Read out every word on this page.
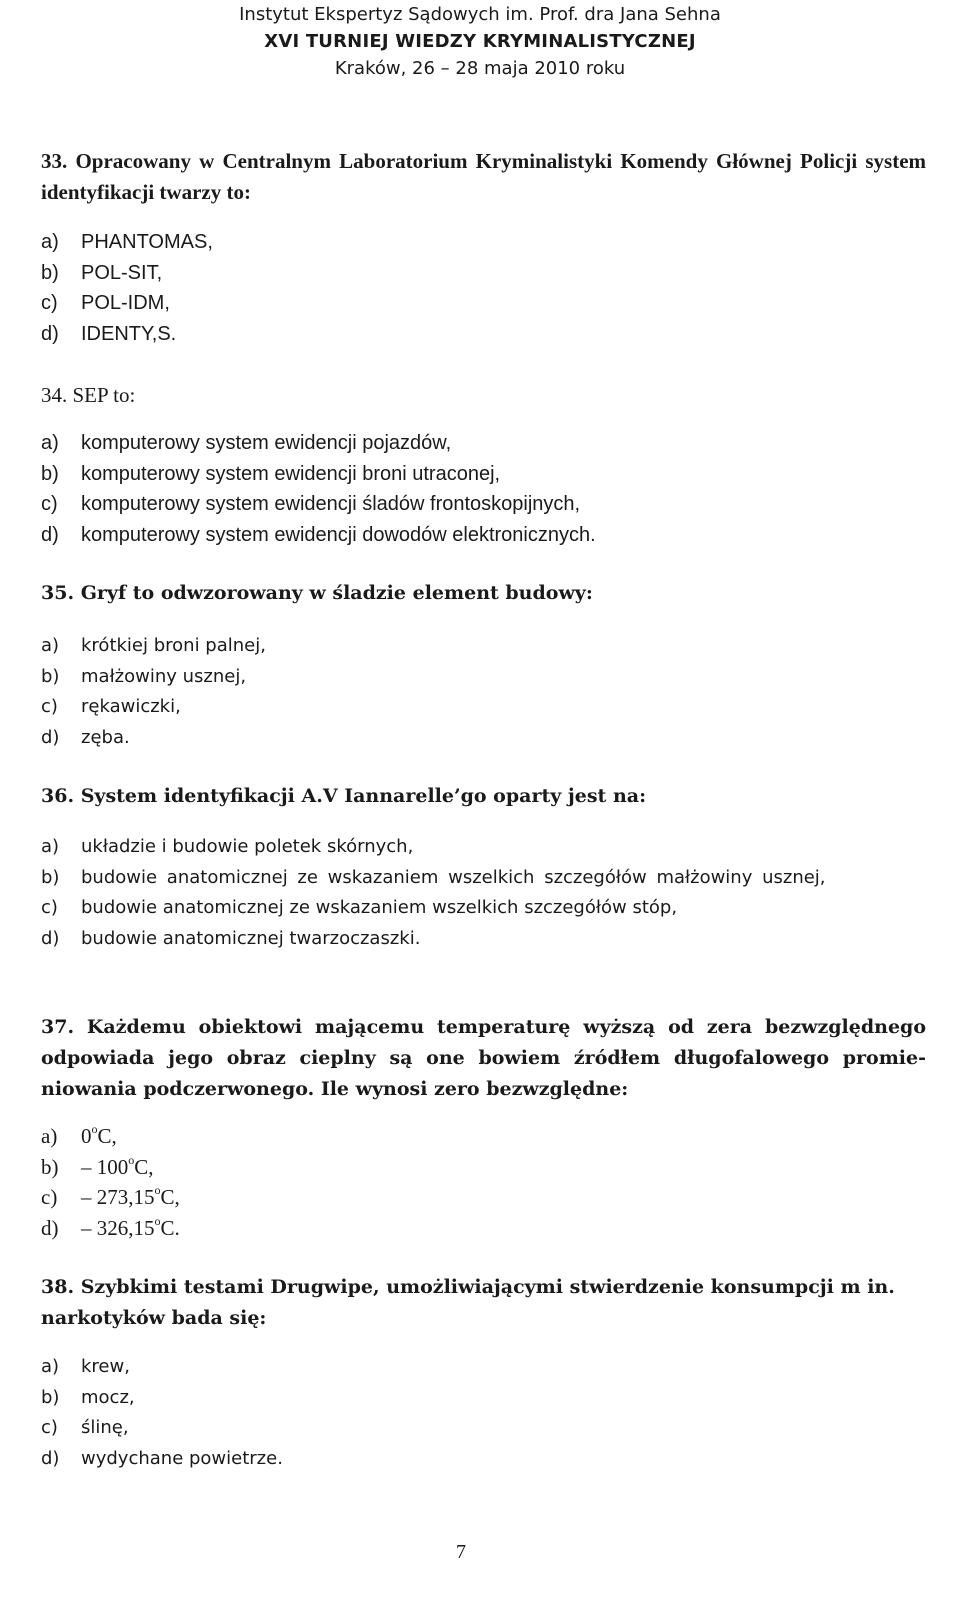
Instytut Ekspertyz Sądowych im. Prof. dra Jana Sehna
XVI TURNIEJ WIEDZY KRYMINALISTYCZNEJ
Kraków, 26 – 28 maja 2010 roku
33. Opracowany w Centralnym Laboratorium Kryminalistyki Komendy Głównej Policji system identyfikacji twarzy to:
a) PHANTOMAS,
b) POL-SIT,
c) POL-IDM,
d) IDENTY,S.
34. SEP to:
a) komputerowy system ewidencji pojazdów,
b) komputerowy system ewidencji broni utraconej,
c) komputerowy system ewidencji śladów frontoskopijnych,
d) komputerowy system ewidencji dowodów elektronicznych.
35. Gryf to odwzorowany w śladzie element budowy:
a) krótkiej broni palnej,
b) małżowiny usznej,
c) rękawiczki,
d) zęba.
36. System identyfikacji A.V Iannarelle’go oparty jest na:
a) układzie i budowie poletek skórnych,
b) budowie anatomicznej ze wskazaniem wszelkich szczegółów małżowiny usznej,
c) budowie anatomicznej ze wskazaniem wszelkich szczegółów stóp,
d) budowie anatomicznej twarzoczaszki.
37. Każdemu obiektowi mającemu temperaturę wyższą od zera bezwzględnego odpowiada jego obraz cieplny są one bowiem źródłem długofalowego promie-niowania podczerwonego. Ile wynosi zero bezwzględne:
a) 0$^o$C,
b) – 100$^o$C,
c) – 273,15$^o$C,
d) – 326,15$^o$C.
38. Szybkimi testami Drugwipe, umożliwiającymi stwierdzenie konsumpcji m in. narkotyków bada się:
a) krew,
b) mocz,
c) ślinę,
d) wydychane powietrze.
7
